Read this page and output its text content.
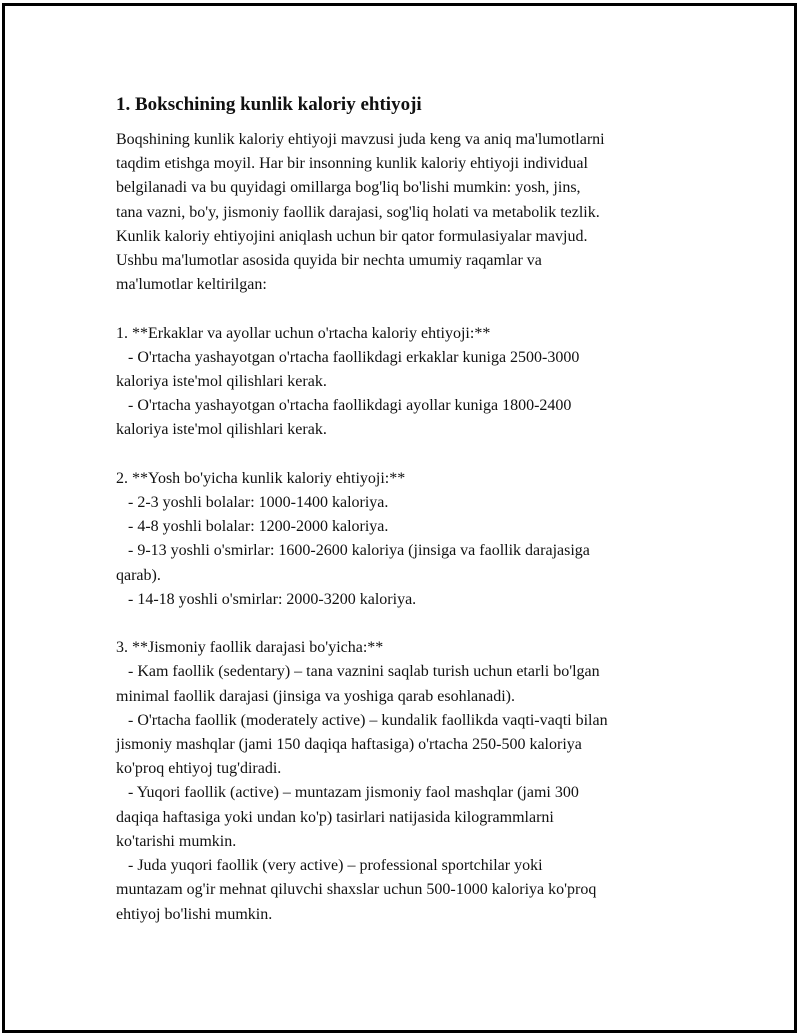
1. Bokschining kunlik kaloriy ehtiyoji

Boqshining kunlik kaloriy ehtiyoji mavzusi juda keng va aniq ma'lumotlarni
taqdim etishga moyil. Har bir insonning kunlik kaloriy ehtiyoji individual
belgilanadi va bu quyidagi omillarga bog'liq bo'lishi mumkin: yosh, jins,
tana vazni, bo'y, jismoniy faollik darajasi, sog'liq holati va metabolik tezlik.
Kunlik kaloriy ehtiyojini aniqlash uchun bir qator formulasiyalar mavjud.
Ushbu ma'lumotlar asosida quyida bir nechta umumiy raqamlar va
ma'lumotlar keltirilgan:

1. **Erkaklar va ayollar uchun o'rtacha kaloriy ehtiyoji:**
- O'rtacha yashayotgan o'rtacha faollikdagi erkaklar kuniga 2500-3000
kaloriya iste'mol qilishlari kerak.
- O'rtacha yashayotgan o'rtacha faollikdagi ayollar kuniga 1800-2400
kaloriya iste'mol qilishlari kerak.

2. **Yosh bo'yicha kunlik kaloriy ehtiyoji:**
- 2-3 yoshli bolalar: 1000-1400 kaloriya.
- 4-8 yoshli bolalar: 1200-2000 kaloriya.
- 9-13 yoshli o'smirlar: 1600-2600 kaloriya (jinsiga va faollik darajasiga
qarab).
- 14-18 yoshli o'smirlar: 2000-3200 kaloriya.

3. **Jismoniy faollik darajasi bo'yicha:**
- Kam faollik (sedentary) – tana vaznini saqlab turish uchun etarli bo'lgan
minimal faollik darajasi (jinsiga va yoshiga qarab esohlanadi).
- O'rtacha faollik (moderately active) – kundalik faollikda vaqti-vaqti bilan
jismoniy mashqlar (jami 150 daqiqa haftasiga) o'rtacha 250-500 kaloriya
ko'proq ehtiyoj tug'diradi.
- Yuqori faollik (active) – muntazam jismoniy faol mashqlar (jami 300
daqiqa haftasiga yoki undan ko'p) tasirlari natijasida kilogrammlarni
ko'tarishi mumkin.
- Juda yuqori faollik (very active) – professional sportchilar yoki
muntazam og'ir mehnat qiluvchi shaxslar uchun 500-1000 kaloriya ko'proq
ehtiyoj bo'lishi mumkin.
